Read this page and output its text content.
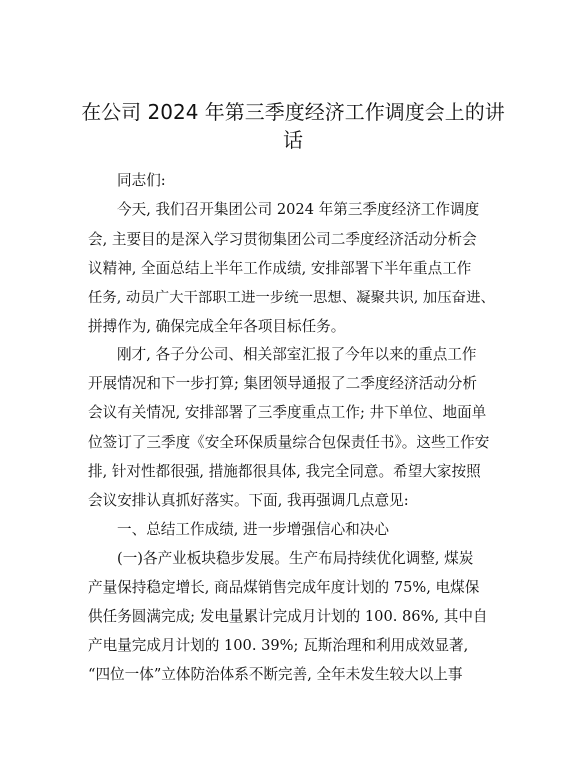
在公司 2024 年第三季度经济工作调度会上的讲
话
同志们:
今天, 我们召开集团公司 2024 年第三季度经济工作调度
会, 主要目的是深入学习贯彻集团公司二季度经济活动分析会
议精神, 全面总结上半年工作成绩, 安排部署下半年重点工作
任务, 动员广大干部职工进一步统一思想、凝聚共识, 加压奋进、
拼搏作为, 确保完成全年各项目标任务。
刚才, 各子分公司、相关部室汇报了今年以来的重点工作
开展情况和下一步打算; 集团领导通报了二季度经济活动分析
会议有关情况, 安排部署了三季度重点工作; 井下单位、地面单
位签订了三季度《安全环保质量综合包保责任书》。这些工作安
排, 针对性都很强, 措施都很具体, 我完全同意。希望大家按照
会议安排认真抓好落实。下面, 我再强调几点意见:
一、总结工作成绩, 进一步增强信心和决心
(一)各产业板块稳步发展。生产布局持续优化调整, 煤炭
产量保持稳定增长, 商品煤销售完成年度计划的 75%, 电煤保
供任务圆满完成; 发电量累计完成月计划的 100. 86%, 其中自
产电量完成月计划的 100. 39%; 瓦斯治理和利用成效显著,
“四位一体”立体防治体系不断完善, 全年未发生较大以上事
